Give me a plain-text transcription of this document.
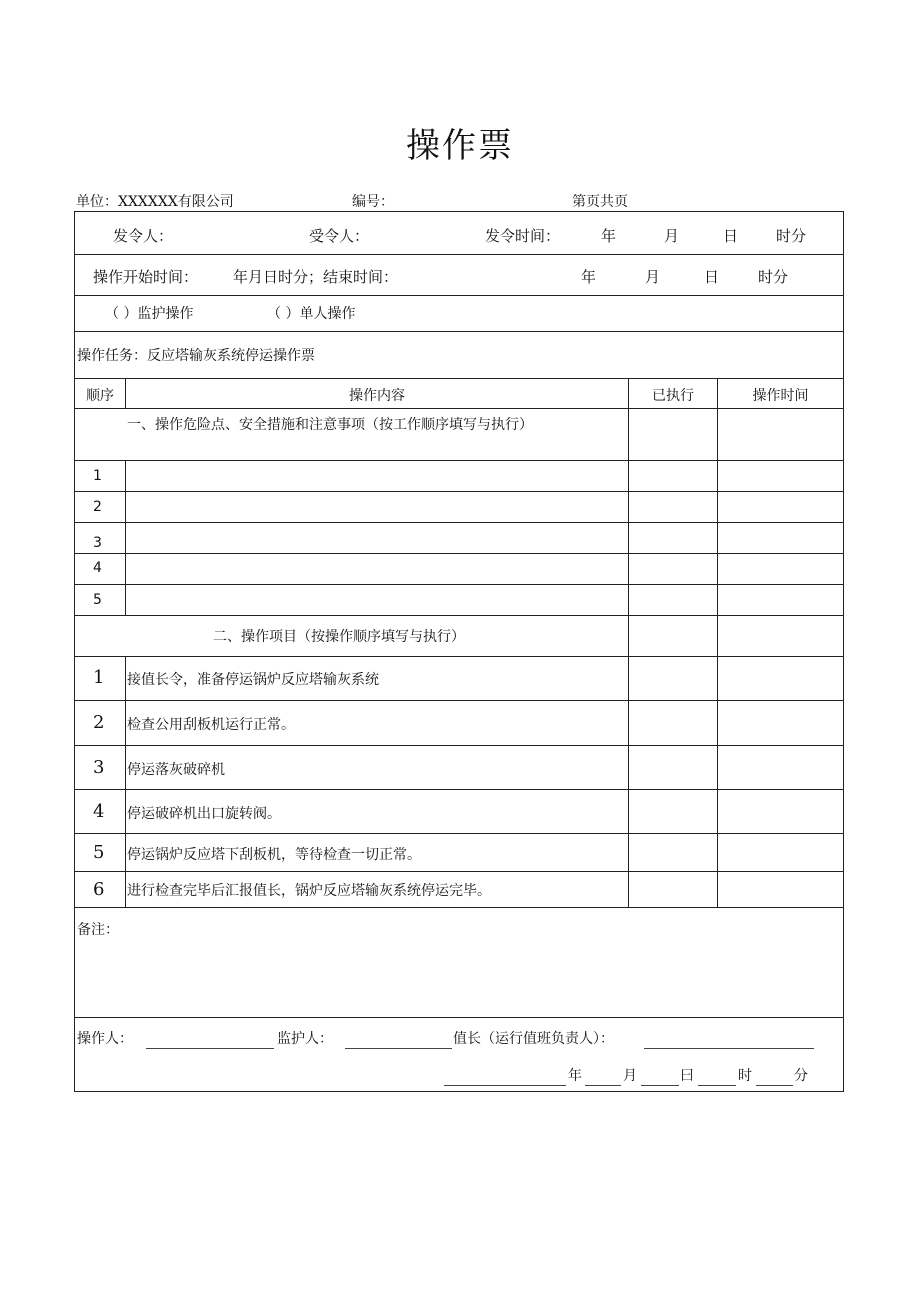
操作票
单位：XXXXXX有限公司	编号：	第页共页
发令人：	受令人：	发令时间：	年	月	日	时分
操作开始时间： 年月日时分；结束时间：	年	月	日	时分
（ ）监护操作	（ ）单人操作
操作任务：反应塔输灰系统停运操作票
顺序	操作内容	已执行	操作时间
一、操作危险点、安全措施和注意事项（按工作顺序填写与执行）
1
2
3
4
5
二、操作项目（按操作顺序填写与执行）
1 接值长令，准备停运锅炉反应塔输灰系统
2 检查公用刮板机运行正常。
3 停运落灰破碎机
4 停运破碎机出口旋转阀。
5 停运锅炉反应塔下刮板机，等待检查一切正常。
6 进行检查完毕后汇报值长，锅炉反应塔输灰系统停运完毕。
备注：
操作人：	监护人：	值长（运行值班负责人）：
年	月	曰	时	分
